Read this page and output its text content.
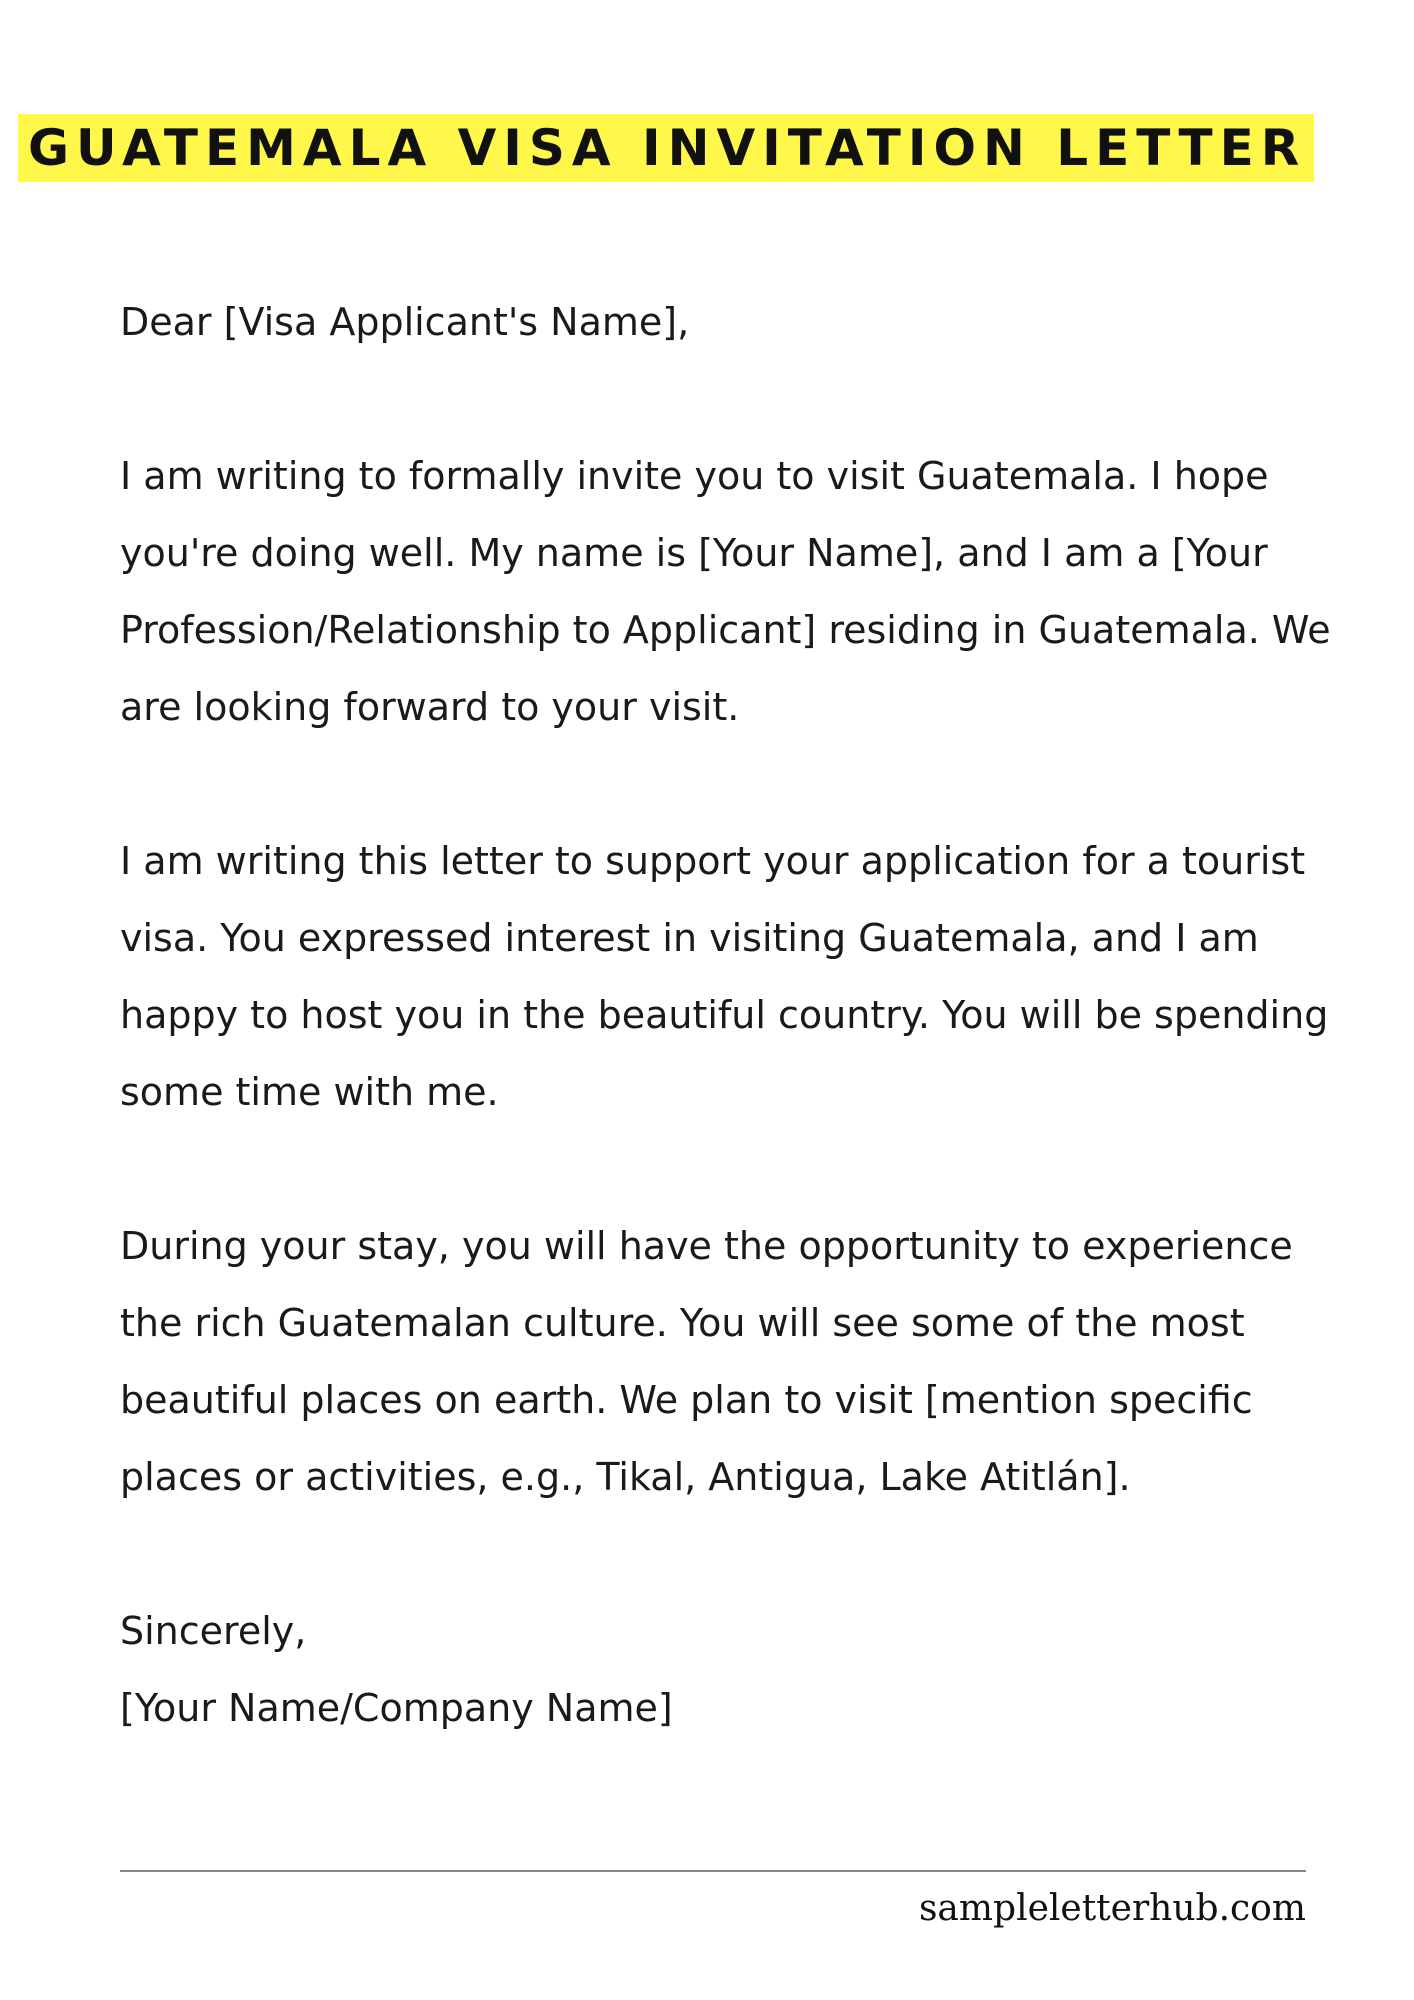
GUATEMALA VISA INVITATION LETTER

Dear [Visa Applicant's Name],

I am writing to formally invite you to visit Guatemala. I hope you're doing well. My name is [Your Name], and I am a [Your Profession/Relationship to Applicant] residing in Guatemala. We are looking forward to your visit.

I am writing this letter to support your application for a tourist visa. You expressed interest in visiting Guatemala, and I am happy to host you in the beautiful country. You will be spending some time with me.

During your stay, you will have the opportunity to experience the rich Guatemalan culture. You will see some of the most beautiful places on earth. We plan to visit [mention specific places or activities, e.g., Tikal, Antigua, Lake Atitlán].

Sincerely,
[Your Name/Company Name]
sampleletterhub.com
